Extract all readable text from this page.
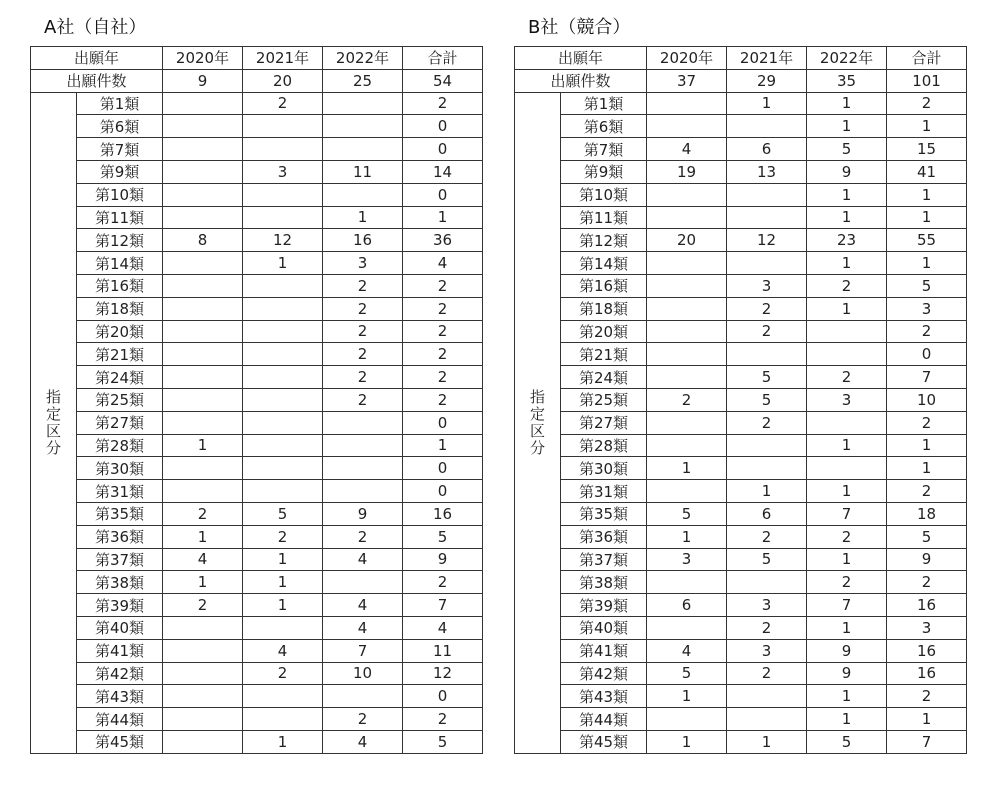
A社（自社）
出願年		2020年	2021年	2022年	合計
出願件数		9	20	25	54
指定区分	第1類		2		2
	第6類				0
	第7類				0
	第9類		3	11	14
	第10類				0
	第11類			1	1
	第12類	8	12	16	36
	第14類		1	3	4
	第16類			2	2
	第18類			2	2
	第20類			2	2
	第21類			2	2
	第24類			2	2
	第25類			2	2
	第27類				0
	第28類	1			1
	第30類				0
	第31類				0
	第35類	2	5	9	16
	第36類	1	2	2	5
	第37類	4	1	4	9
	第38類	1	1		2
	第39類	2	1	4	7
	第40類			4	4
	第41類		4	7	11
	第42類		2	10	12
	第43類				0
	第44類			2	2
	第45類		1	4	5
B社（競合）
出願年		2020年	2021年	2022年	合計
出願件数		37	29	35	101
指定区分	第1類		1	1	2
	第6類			1	1
	第7類	4	6	5	15
	第9類	19	13	9	41
	第10類			1	1
	第11類			1	1
	第12類	20	12	23	55
	第14類			1	1
	第16類		3	2	5
	第18類		2	1	3
	第20類		2		2
	第21類				0
	第24類		5	2	7
	第25類	2	5	3	10
	第27類		2		2
	第28類			1	1
	第30類	1			1
	第31類		1	1	2
	第35類	5	6	7	18
	第36類	1	2	2	5
	第37類	3	5	1	9
	第38類			2	2
	第39類	6	3	7	16
	第40類		2	1	3
	第41類	4	3	9	16
	第42類	5	2	9	16
	第43類	1		1	2
	第44類			1	1
	第45類	1	1	5	7
